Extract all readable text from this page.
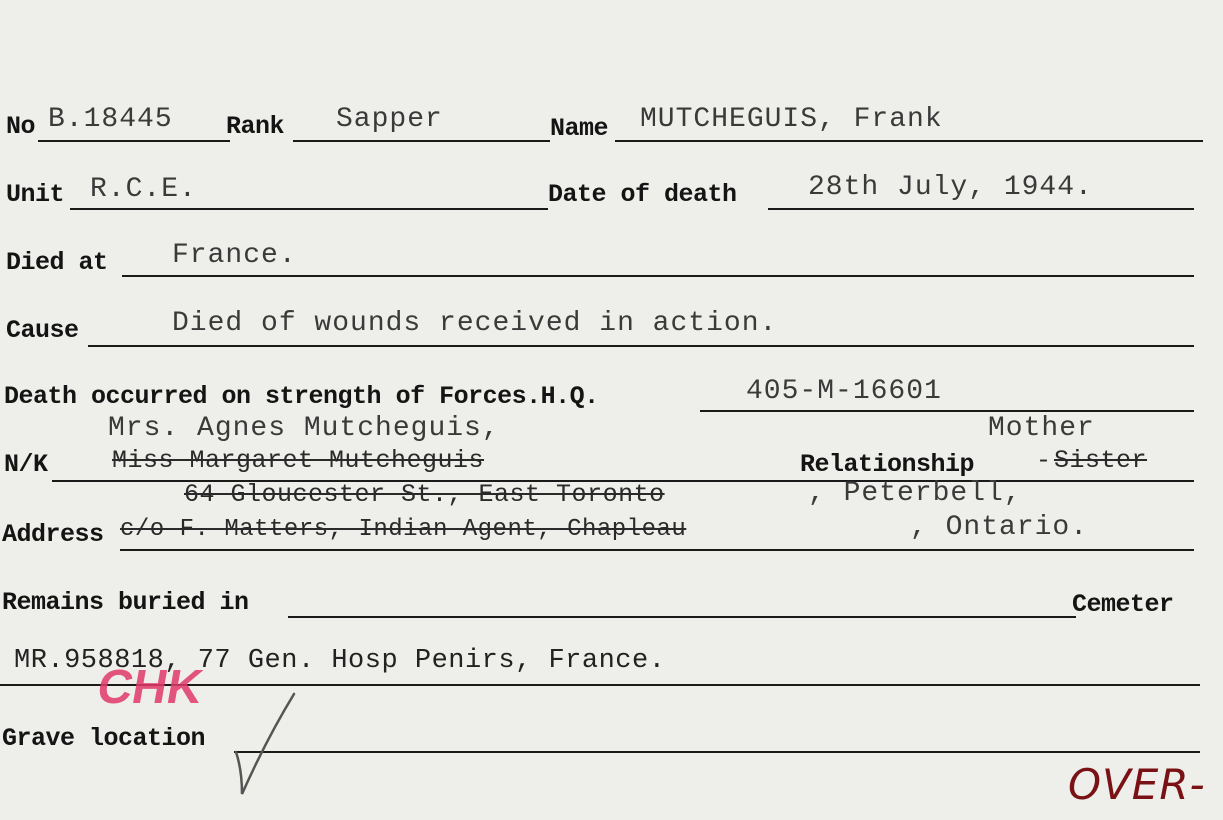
No B.18445 Rank Sapper	Name MUTCHEGUIS, Frank
Unit R.C.E.	Date of death	28th July, 1944.
Died at France.
Cause	Died of wounds received in action.
Death occurred on strength of Forces.H.Q.	405-M-16601
Mrs. Agnes Mutcheguis,	Mother
N/K	Miss Margaret Mutcheguis	Relationship - Sister
64 Gloucester St., East Toronto	, Peterbell,
Address c/o F. Matters, Indian Agent, Chapleau	, Ontario.
Remains buried in	Cemeter
MR.958818, 77 Gen. Hosp Penirs, France.
CHK
Grave location
OVER-
